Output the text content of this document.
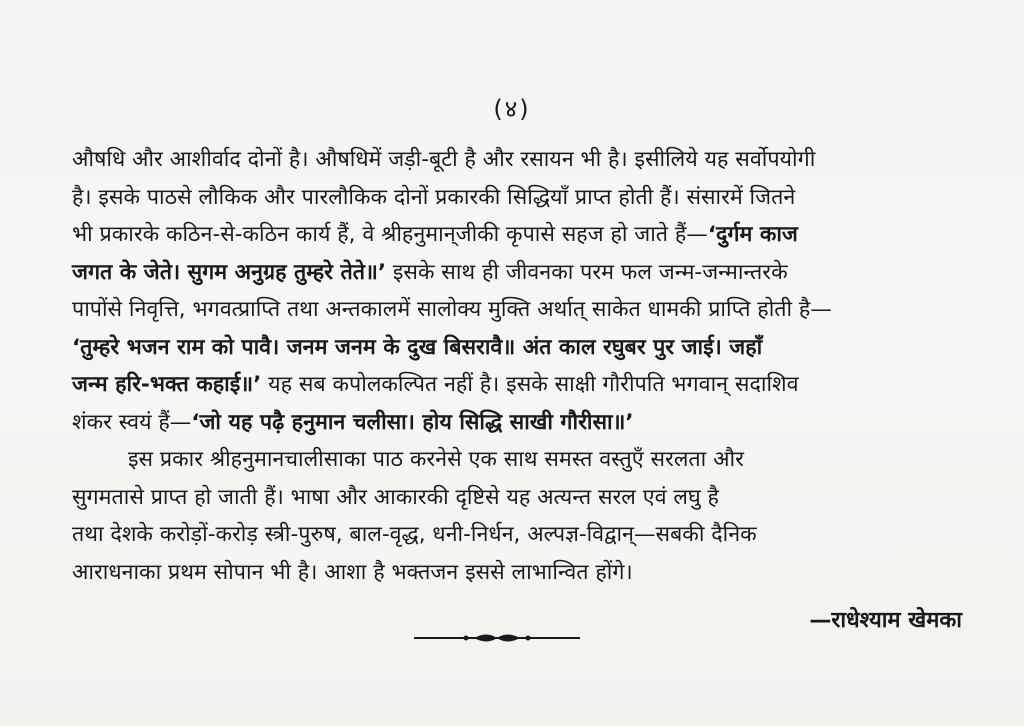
(४)
औषधि और आशीर्वाद दोनों है। औषधिमें जड़ी-बूटी है और रसायन भी है। इसीलिये यह सर्वोपयोगी
है। इसके पाठसे लौकिक और पारलौकिक दोनों प्रकारकी सिद्धियाँ प्राप्त होती हैं। संसारमें जितने
भी प्रकारके कठिन-से-कठिन कार्य हैं, वे श्रीहनुमान्‌जीकी कृपासे सहज हो जाते हैं—‘दुर्गम काज
जगत के जेते। सुगम अनुग्रह तुम्हरे तेते॥’ इसके साथ ही जीवनका परम फल जन्म-जन्मान्तरके
पापोंसे निवृत्ति, भगवत्प्राप्ति तथा अन्तकालमें सालोक्य मुक्ति अर्थात् साकेत धामकी प्राप्ति होती है—
‘तुम्हरे भजन राम को पावै। जनम जनम के दुख बिसरावै॥ अंत काल रघुबर पुर जाई। जहाँ
जन्म हरि-भक्त कहाई॥’ यह सब कपोलकल्पित नहीं है। इसके साक्षी गौरीपति भगवान् सदाशिव
शंकर स्वयं हैं—‘जो यह पढ़ै हनुमान चलीसा। होय सिद्धि साखी गौरीसा॥’
इस प्रकार श्रीहनुमानचालीसाका पाठ करनेसे एक साथ समस्त वस्तुएँ सरलता और
सुगमतासे प्राप्त हो जाती हैं। भाषा और आकारकी दृष्टिसे यह अत्यन्त सरल एवं लघु है
तथा देशके करोड़ों-करोड़ स्त्री-पुरुष, बाल-वृद्ध, धनी-निर्धन, अल्पज्ञ-विद्वान्—सबकी दैनिक
आराधनाका प्रथम सोपान भी है। आशा है भक्तजन इससे लाभान्वित होंगे।
—राधेश्याम खेमका
